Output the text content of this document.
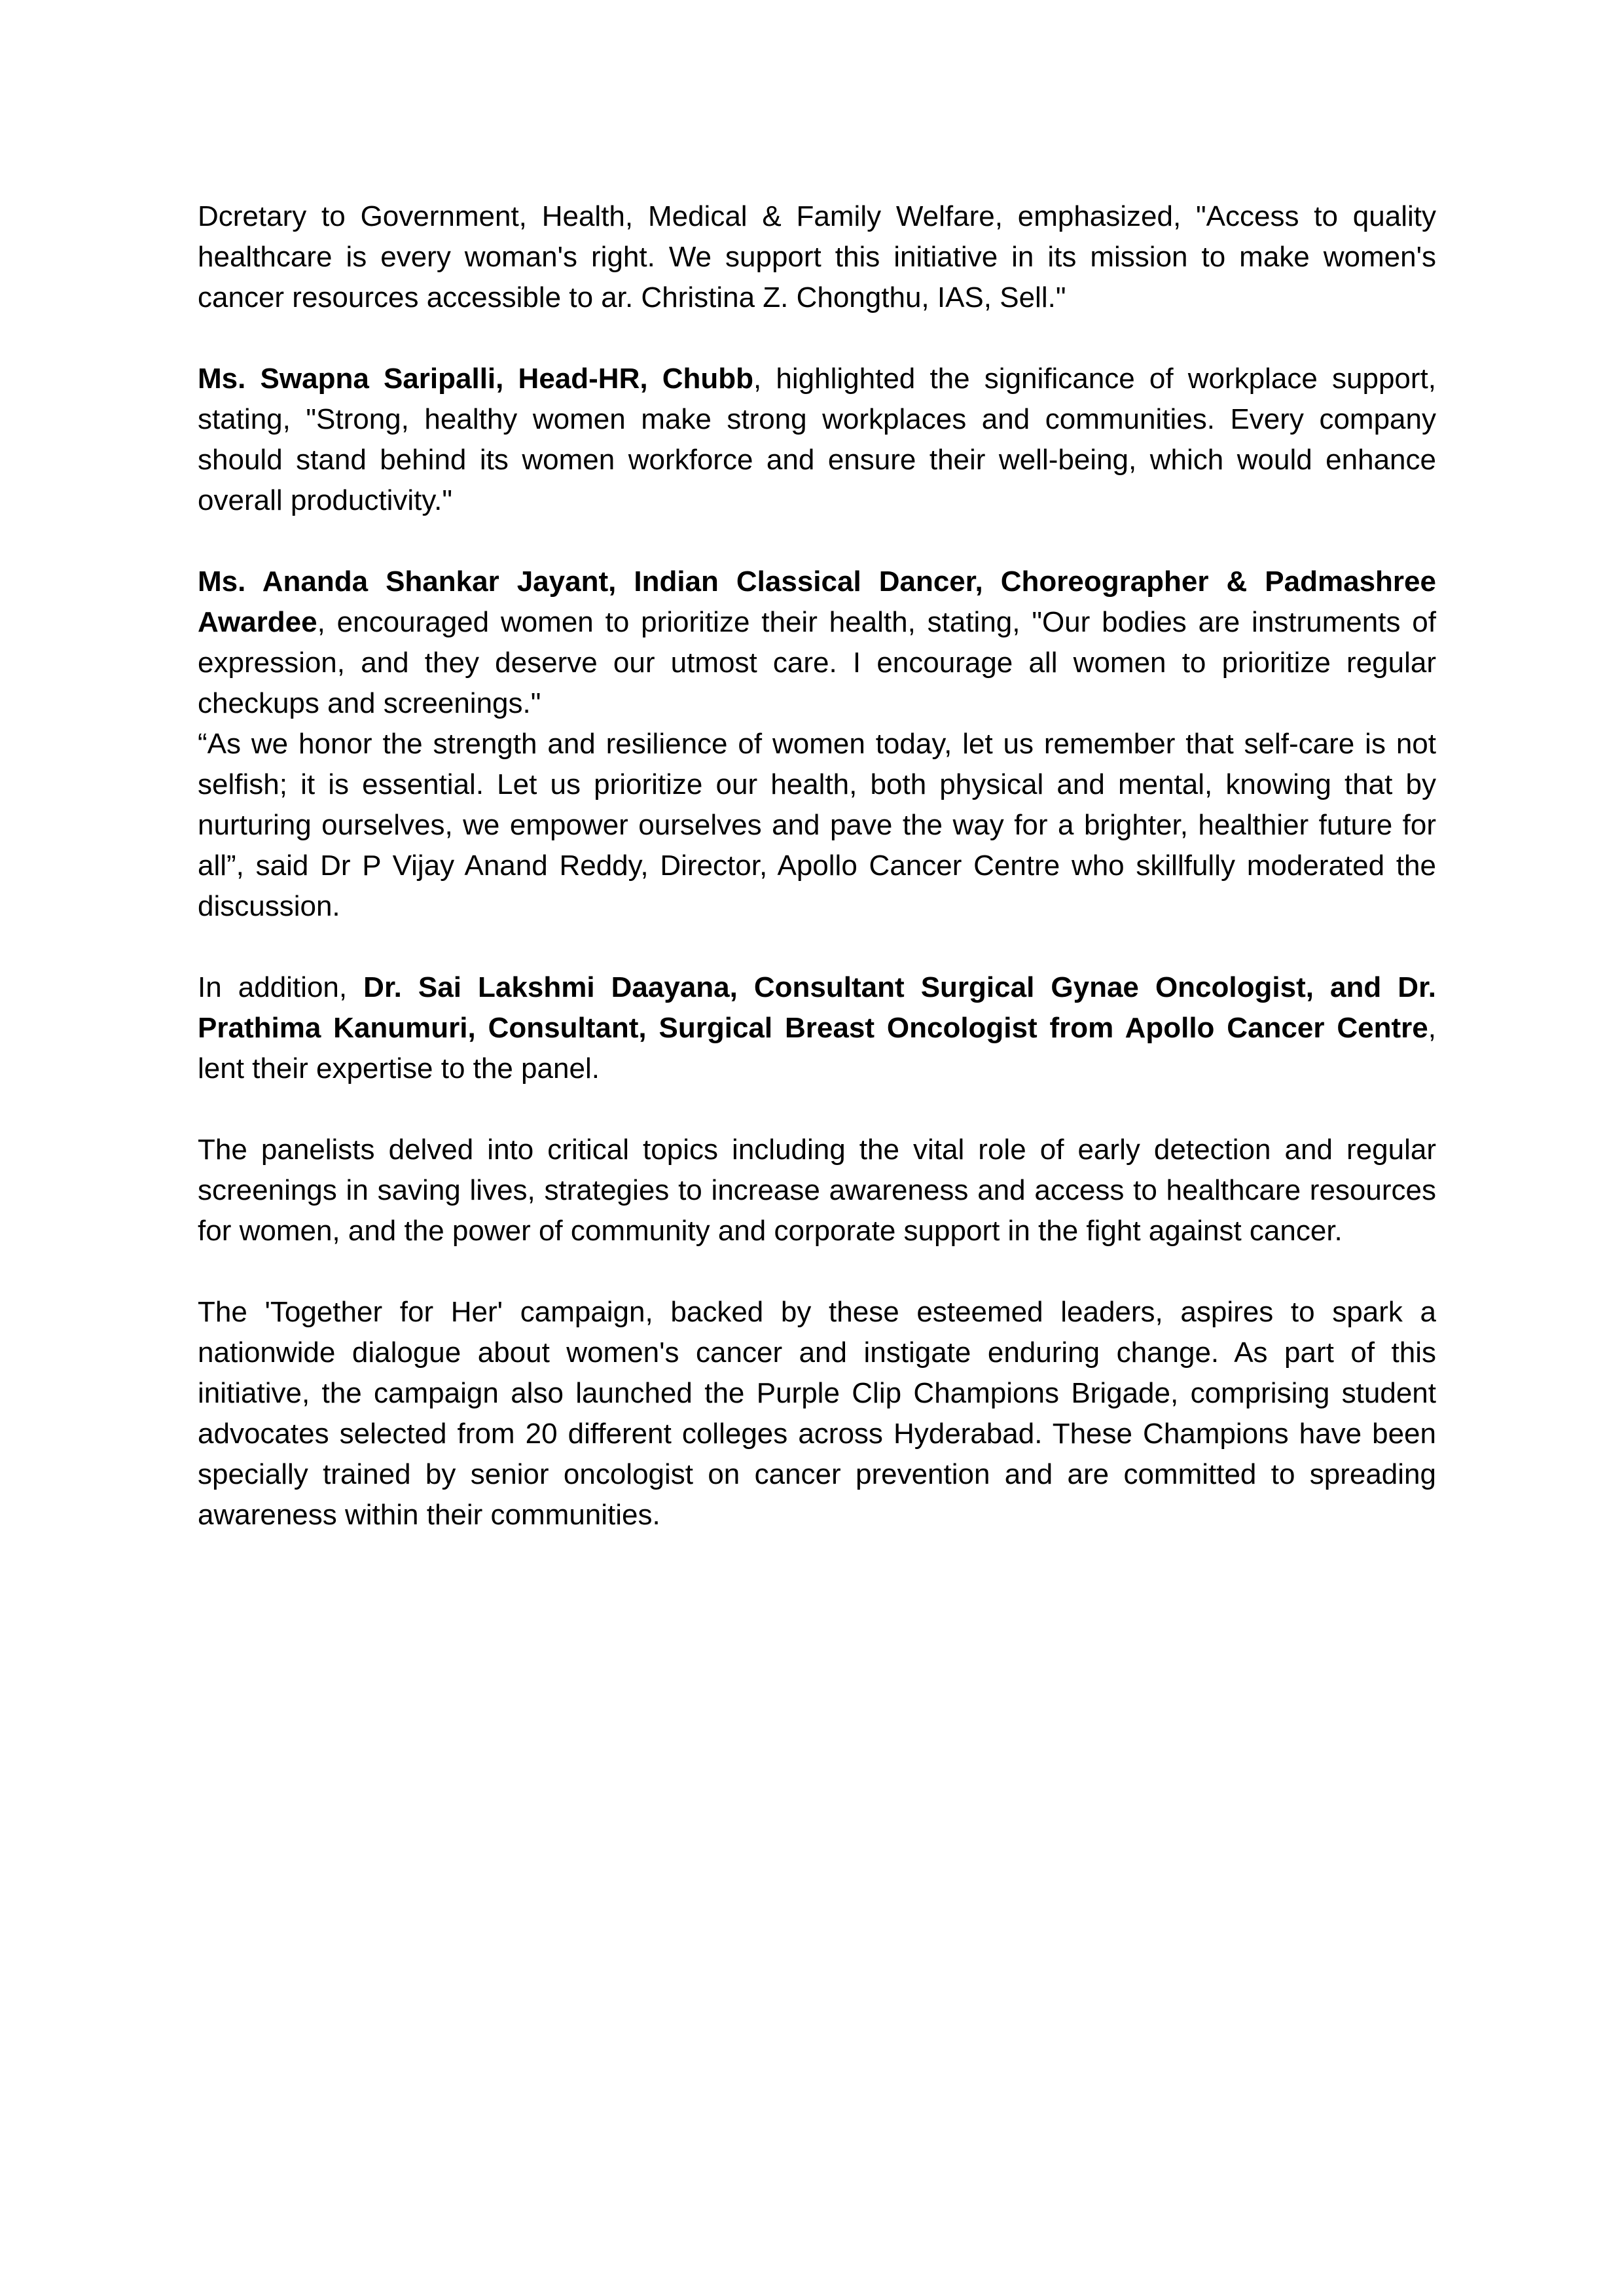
Dcretary to Government, Health, Medical & Family Welfare, emphasized, "Access to quality healthcare is every woman's right. We support this initiative in its mission to make women's cancer resources accessible to ar. Christina Z. Chongthu, IAS, Sell."

Ms. Swapna Saripalli, Head-HR, Chubb, highlighted the significance of workplace support, stating, "Strong, healthy women make strong workplaces and communities. Every company should stand behind its women workforce and ensure their well-being, which would enhance overall productivity."

Ms. Ananda Shankar Jayant, Indian Classical Dancer, Choreographer & Padmashree Awardee, encouraged women to prioritize their health, stating, "Our bodies are instruments of expression, and they deserve our utmost care. I encourage all women to prioritize regular checkups and screenings."

“As we honor the strength and resilience of women today, let us remember that self-care is not selfish; it is essential. Let us prioritize our health, both physical and mental, knowing that by nurturing ourselves, we empower ourselves and pave the way for a brighter, healthier future for all”, said Dr P Vijay Anand Reddy, Director, Apollo Cancer Centre who skillfully moderated the discussion.

In addition, Dr. Sai Lakshmi Daayana, Consultant Surgical Gynae Oncologist, and Dr. Prathima Kanumuri, Consultant, Surgical Breast Oncologist from Apollo Cancer Centre, lent their expertise to the panel.

The panelists delved into critical topics including the vital role of early detection and regular screenings in saving lives, strategies to increase awareness and access to healthcare resources for women, and the power of community and corporate support in the fight against cancer.

The 'Together for Her' campaign, backed by these esteemed leaders, aspires to spark a nationwide dialogue about women's cancer and instigate enduring change. As part of this initiative, the campaign also launched the Purple Clip Champions Brigade, comprising student advocates selected from 20 different colleges across Hyderabad. These Champions have been specially trained by senior oncologist on cancer prevention and are committed to spreading awareness within their communities.
